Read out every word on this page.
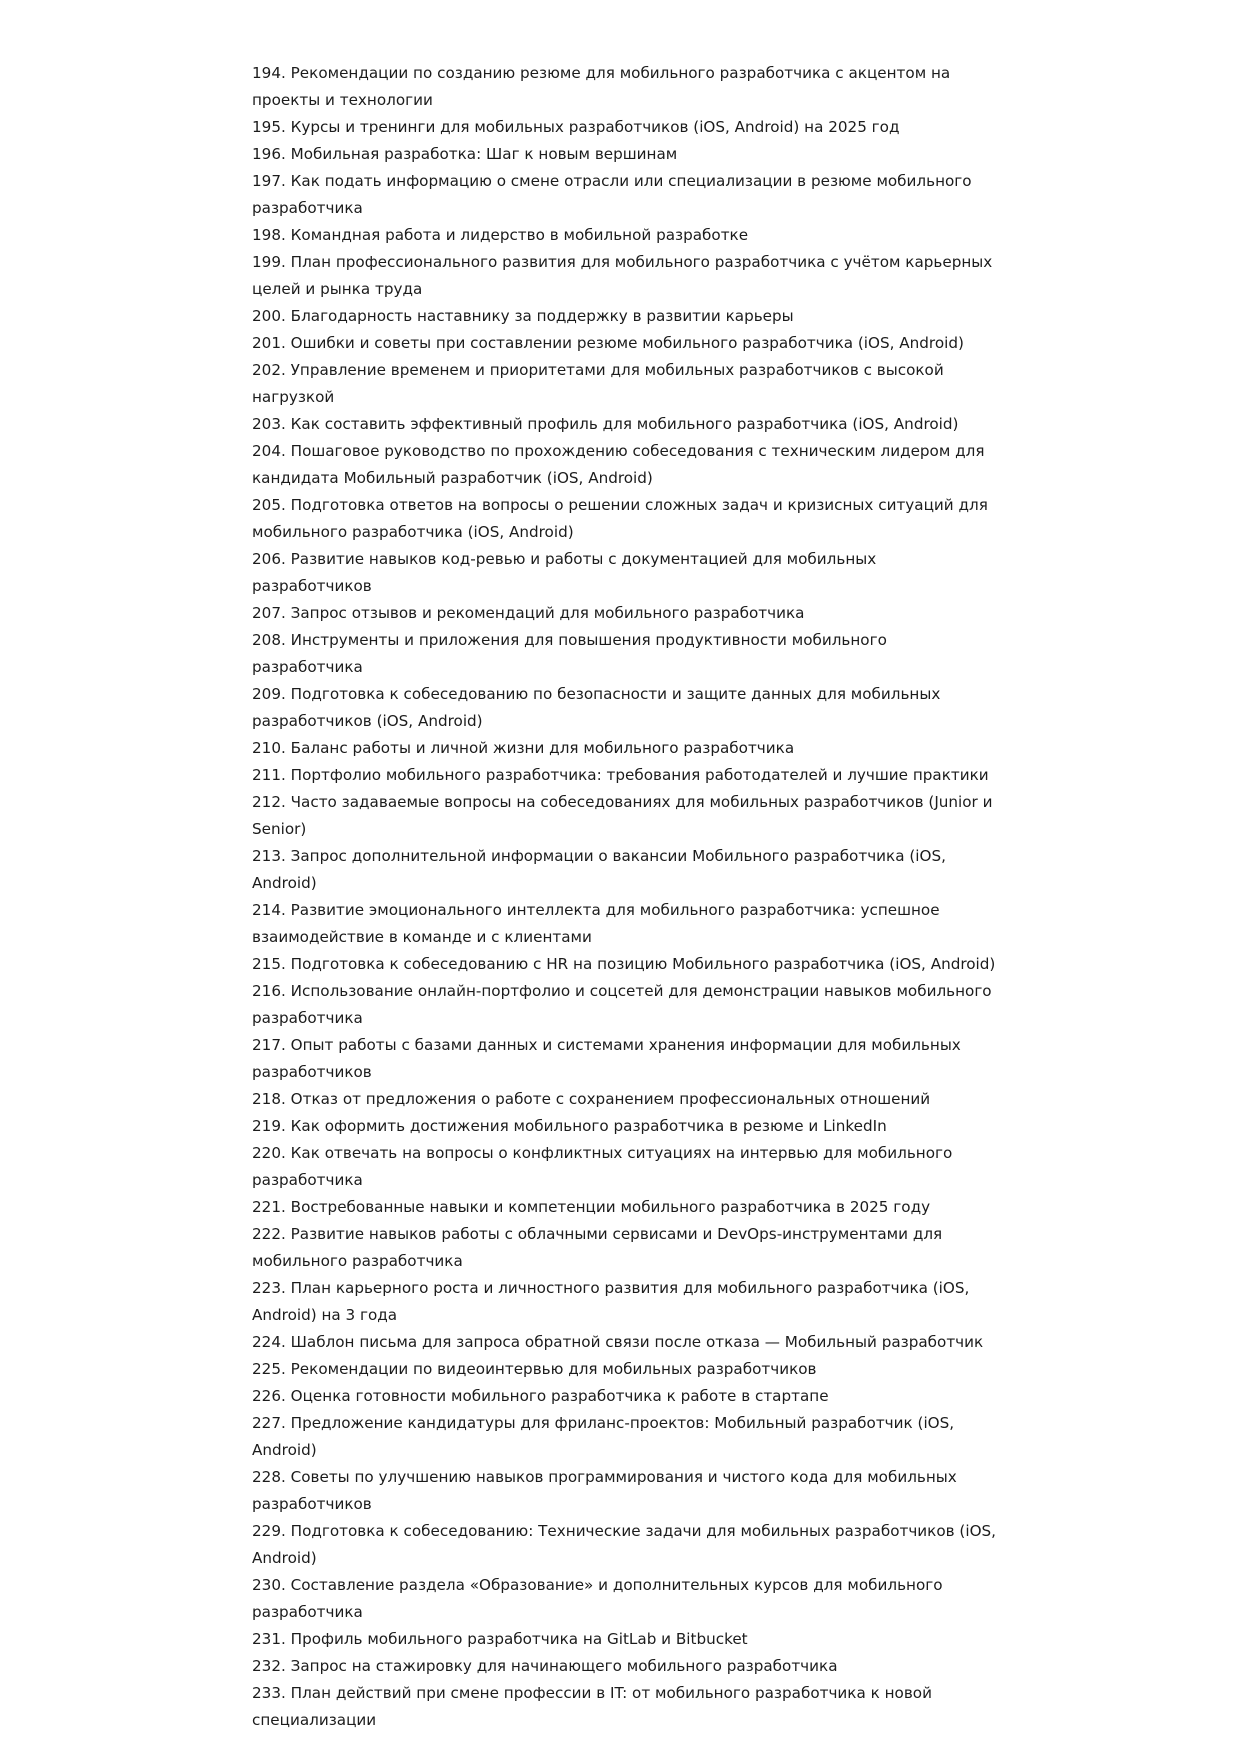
194. Рекомендации по созданию резюме для мобильного разработчика с акцентом на проекты и технологии
195. Курсы и тренинги для мобильных разработчиков (iOS, Android) на 2025 год
196. Мобильная разработка: Шаг к новым вершинам
197. Как подать информацию о смене отрасли или специализации в резюме мобильного разработчика
198. Командная работа и лидерство в мобильной разработке
199. План профессионального развития для мобильного разработчика с учётом карьерных целей и рынка труда
200. Благодарность наставнику за поддержку в развитии карьеры
201. Ошибки и советы при составлении резюме мобильного разработчика (iOS, Android)
202. Управление временем и приоритетами для мобильных разработчиков с высокой нагрузкой
203. Как составить эффективный профиль для мобильного разработчика (iOS, Android)
204. Пошаговое руководство по прохождению собеседования с техническим лидером для кандидата Мобильный разработчик (iOS, Android)
205. Подготовка ответов на вопросы о решении сложных задач и кризисных ситуаций для мобильного разработчика (iOS, Android)
206. Развитие навыков код-ревью и работы с документацией для мобильных разработчиков
207. Запрос отзывов и рекомендаций для мобильного разработчика
208. Инструменты и приложения для повышения продуктивности мобильного разработчика
209. Подготовка к собеседованию по безопасности и защите данных для мобильных разработчиков (iOS, Android)
210. Баланс работы и личной жизни для мобильного разработчика
211. Портфолио мобильного разработчика: требования работодателей и лучшие практики
212. Часто задаваемые вопросы на собеседованиях для мобильных разработчиков (Junior и Senior)
213. Запрос дополнительной информации о вакансии Мобильного разработчика (iOS, Android)
214. Развитие эмоционального интеллекта для мобильного разработчика: успешное взаимодействие в команде и с клиентами
215. Подготовка к собеседованию с HR на позицию Мобильного разработчика (iOS, Android)
216. Использование онлайн-портфолио и соцсетей для демонстрации навыков мобильного разработчика
217. Опыт работы с базами данных и системами хранения информации для мобильных разработчиков
218. Отказ от предложения о работе с сохранением профессиональных отношений
219. Как оформить достижения мобильного разработчика в резюме и LinkedIn
220. Как отвечать на вопросы о конфликтных ситуациях на интервью для мобильного разработчика
221. Востребованные навыки и компетенции мобильного разработчика в 2025 году
222. Развитие навыков работы с облачными сервисами и DevOps-инструментами для мобильного разработчика
223. План карьерного роста и личностного развития для мобильного разработчика (iOS, Android) на 3 года
224. Шаблон письма для запроса обратной связи после отказа — Мобильный разработчик
225. Рекомендации по видеоинтервью для мобильных разработчиков
226. Оценка готовности мобильного разработчика к работе в стартапе
227. Предложение кандидатуры для фриланс-проектов: Мобильный разработчик (iOS, Android)
228. Советы по улучшению навыков программирования и чистого кода для мобильных разработчиков
229. Подготовка к собеседованию: Технические задачи для мобильных разработчиков (iOS, Android)
230. Составление раздела «Образование» и дополнительных курсов для мобильного разработчика
231. Профиль мобильного разработчика на GitLab и Bitbucket
232. Запрос на стажировку для начинающего мобильного разработчика
233. План действий при смене профессии в IT: от мобильного разработчика к новой специализации
